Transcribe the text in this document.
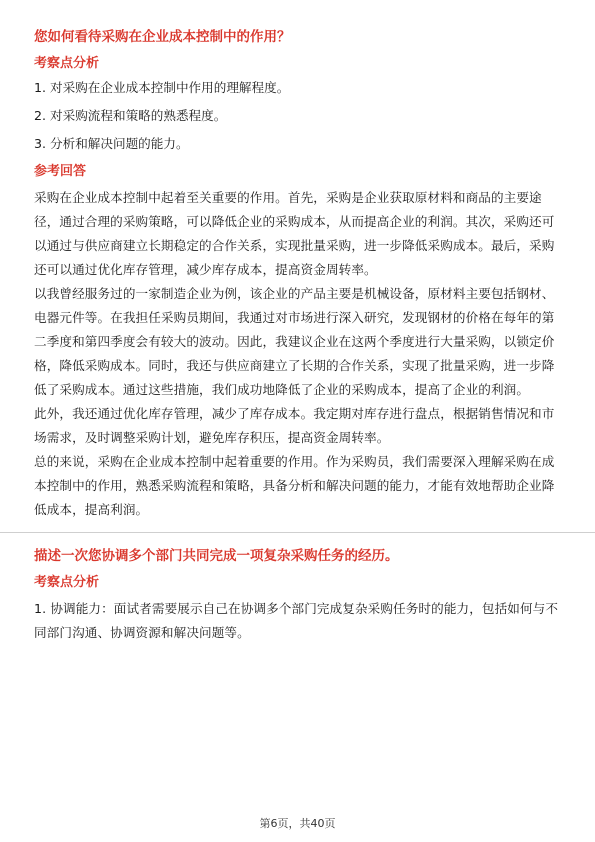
您如何看待采购在企业成本控制中的作用？
考察点分析
1. 对采购在企业成本控制中作用的理解程度。
2. 对采购流程和策略的熟悉程度。
3. 分析和解决问题的能力。
参考回答

采购在企业成本控制中起着至关重要的作用。首先，采购是企业获取原材料和商品的主要途径，通过合理的采购策略，可以降低企业的采购成本，从而提高企业的利润。其次，采购还可以通过与供应商建立长期稳定的合作关系，实现批量采购，进一步降低采购成本。最后，采购还可以通过优化库存管理，减少库存成本，提高资金周转率。

以我曾经服务过的一家制造企业为例，该企业的产品主要是机械设备，原材料主要包括钢材、电器元件等。在我担任采购员期间，我通过对市场进行深入研究，发现钢材的价格在每年的第二季度和第四季度会有较大的波动。因此，我建议企业在这两个季度进行大量采购，以锁定价格，降低采购成本。同时，我还与供应商建立了长期的合作关系，实现了批量采购，进一步降低了采购成本。通过这些措施，我们成功地降低了企业的采购成本，提高了企业的利润。

此外，我还通过优化库存管理，减少了库存成本。我定期对库存进行盘点，根据销售情况和市场需求，及时调整采购计划，避免库存积压，提高资金周转率。

总的来说，采购在企业成本控制中起着重要的作用。作为采购员，我们需要深入理解采购在成本控制中的作用，熟悉采购流程和策略，具备分析和解决问题的能力，才能有效地帮助企业降低成本，提高利润。

描述一次您协调多个部门共同完成一项复杂采购任务的经历。
考察点分析

1. 协调能力：面试者需要展示自己在协调多个部门完成复杂采购任务时的能力，包括如何与不同部门沟通、协调资源和解决问题等。

第6页，共40页
